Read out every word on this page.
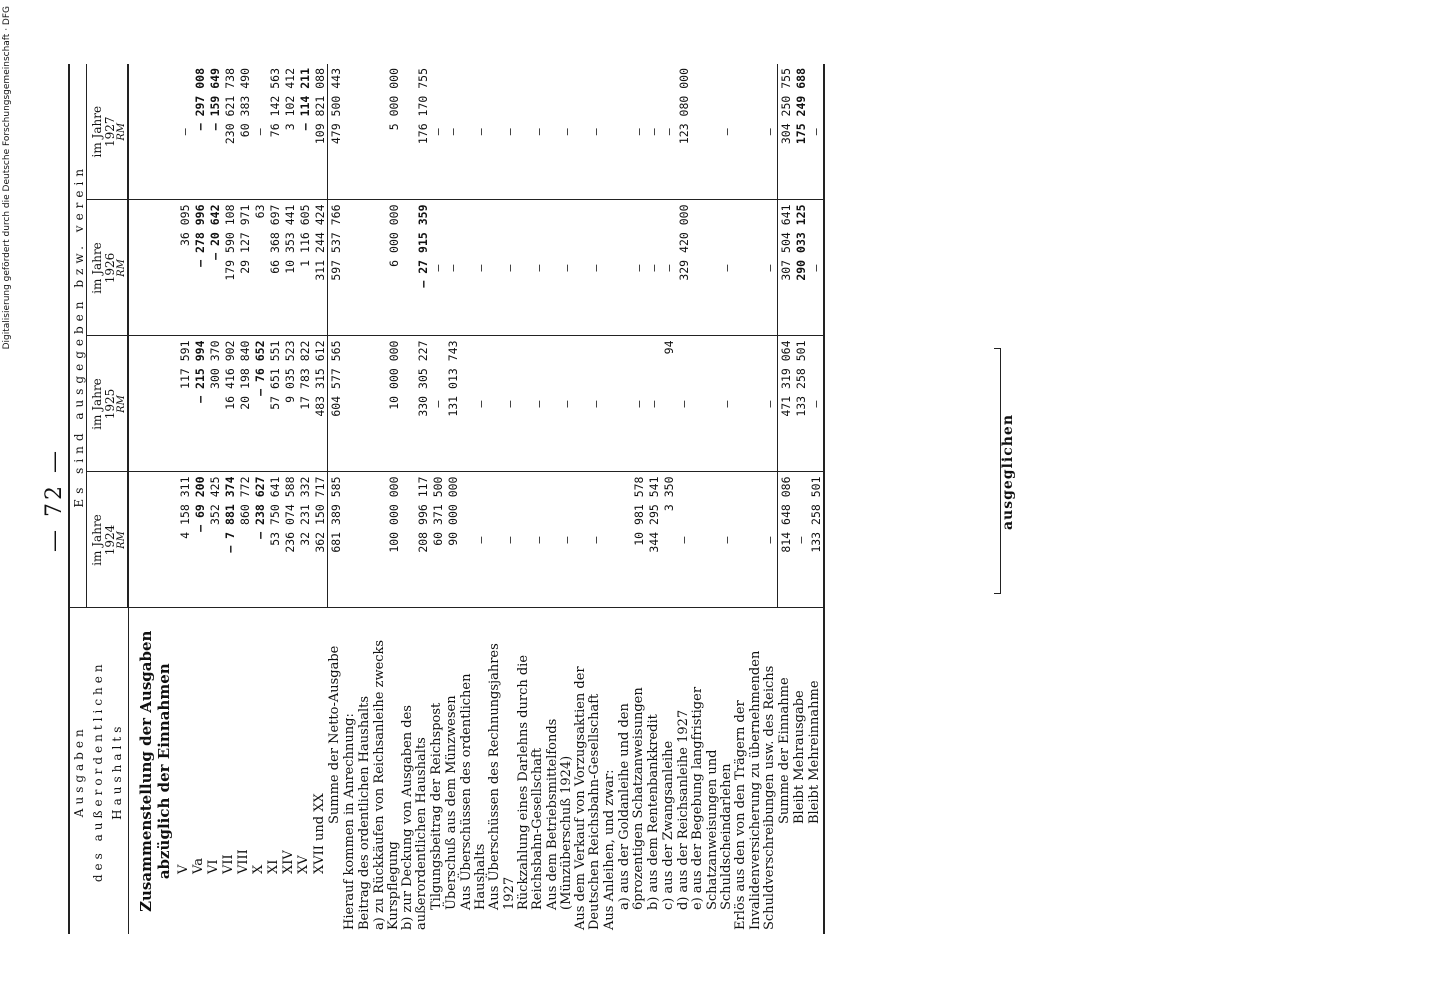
— 72 —
Ausgaben des außerordentlichen Haushalts	Es sind ausgegeben bzw. verein			
	im Jahre
1924
RM	im Jahre
1925
RM	im Jahre
1926
RM	im Jahre
1927
RM

Zusammenstellung der Ausgaben
abzüglich der Einnahmen				
V	4 158 311	117 591	36 095	—
Va	— 69 200	— 215 994	— 278 996	— 297 008
VI	352 425	300 370	— 20 642	— 159 649
VII	— 7 881 374	16 416 902	179 590 108	230 621 738
VIII	860 772	20 198 840	29 127 971	60 383 490
X	— 238 627	— 76 652	63	—
XI	53 750 641	57 651 551	66 368 697	76 142 563
XIV	236 074 588	9 035 523	10 353 441	3 102 412
XV	32 231 332	17 783 822	1 116 605	— 114 211
XVII und XX	362 150 717	483 315 612	311 244 424	109 821 088
Summe der Netto-Ausgabe	681 389 585	604 577 565	597 537 766	479 500 443
Hierauf kommen in Anrechnung:				
Beitrag des ordentlichen Haushalts				
a) zu Rückkäufen von Reichsanleihe zwecks Kurspflegung	100 000 000	10 000 000	6 000 000	5 000 000
b) zur Deckung von Ausgaben des außerordentlichen Haushalts	208 996 117	330 305 227	— 27 915 359	176 170 755
Tilgungsbeitrag der Reichspost	60 371 500	—	—	—
Überschuß aus dem Münzwesen	90 000 000	131 013 743	—	—
Aus Überschüssen des ordentlichen Haushalts	—	—	—	—
Aus Überschüssen des Rechnungsjahres 1927	—	—	—	—
Rückzahlung eines Darlehns durch die Reichsbahn-Gesellschaft	—	—	—	—
Aus dem Betriebsmittelfonds (Münzüberschuß 1924)	—	—	—	—
Aus dem Verkauf von Vorzugsaktien der Deutschen Reichsbahn-Gesellschaft	—	—	—	—
Aus Anleihen, und zwar:				
a) aus der Goldanleihe und den 6prozentigen Schatzanweisungen	10 981 578	—	—	—
b) aus dem Rentenbankkredit	344 295 541	—	—	—
c) aus der Zwangsanleihe	3 350	94	—	—
d) aus der Reichsanleihe 1927	—	—	329 420 000	123 080 000
e) aus der Begebung langfristiger Schatzanweisungen und Schuldscheindarlehen	—	—	—	—
Erlös aus den von den Trägern der Invalidenversicherung zu übernehmenden Schuldverschreibungen usw. des Reichs	—	—	—	—
Summe der Einnahme	814 648 086	471 319 064	307 504 641	304 250 755
Bleibt Mehrausgabe	—	133 258 501	290 033 125	175 249 688
Bleibt Mehreinnahme	133 258 501	—	—	—
ausgeglichen
Digitalisierung gefördert durch die Deutsche Forschungsgemeinschaft · DFG
